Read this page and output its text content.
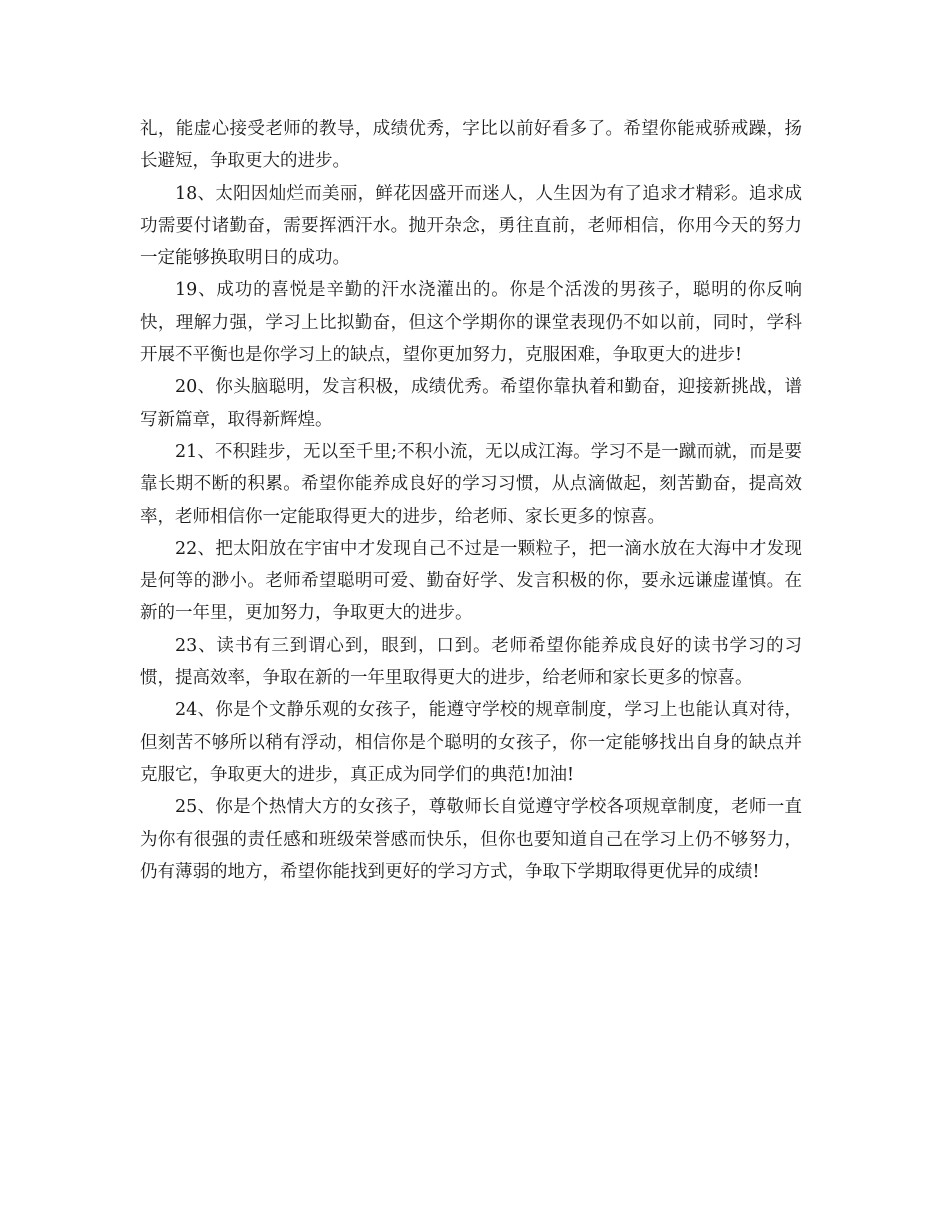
礼，能虚心接受老师的教导，成绩优秀，字比以前好看多了。希望你能戒骄戒躁，扬长避短，争取更大的进步。

18、太阳因灿烂而美丽，鲜花因盛开而迷人，人生因为有了追求才精彩。追求成功需要付诸勤奋，需要挥洒汗水。抛开杂念，勇往直前，老师相信，你用今天的努力一定能够换取明日的成功。

19、成功的喜悦是辛勤的汗水浇灌出的。你是个活泼的男孩子，聪明的你反响快，理解力强，学习上比拟勤奋，但这个学期你的课堂表现仍不如以前，同时，学科开展不平衡也是你学习上的缺点，望你更加努力，克服困难，争取更大的进步!

20、你头脑聪明，发言积极，成绩优秀。希望你靠执着和勤奋，迎接新挑战，谱写新篇章，取得新辉煌。

21、不积跬步，无以至千里;不积小流，无以成江海。学习不是一蹴而就，而是要靠长期不断的积累。希望你能养成良好的学习习惯，从点滴做起，刻苦勤奋，提高效率，老师相信你一定能取得更大的进步，给老师、家长更多的惊喜。

22、把太阳放在宇宙中才发现自己不过是一颗粒子，把一滴水放在大海中才发现是何等的渺小。老师希望聪明可爱、勤奋好学、发言积极的你，要永远谦虚谨慎。在新的一年里，更加努力，争取更大的进步。

23、读书有三到谓心到，眼到，口到。老师希望你能养成良好的读书学习的习惯，提高效率，争取在新的一年里取得更大的进步，给老师和家长更多的惊喜。

24、你是个文静乐观的女孩子，能遵守学校的规章制度，学习上也能认真对待，但刻苦不够所以稍有浮动，相信你是个聪明的女孩子，你一定能够找出自身的缺点并克服它，争取更大的进步，真正成为同学们的典范!加油!

25、你是个热情大方的女孩子，尊敬师长自觉遵守学校各项规章制度，老师一直为你有很强的责任感和班级荣誉感而快乐，但你也要知道自己在学习上仍不够努力，仍有薄弱的地方，希望你能找到更好的学习方式，争取下学期取得更优异的成绩!
